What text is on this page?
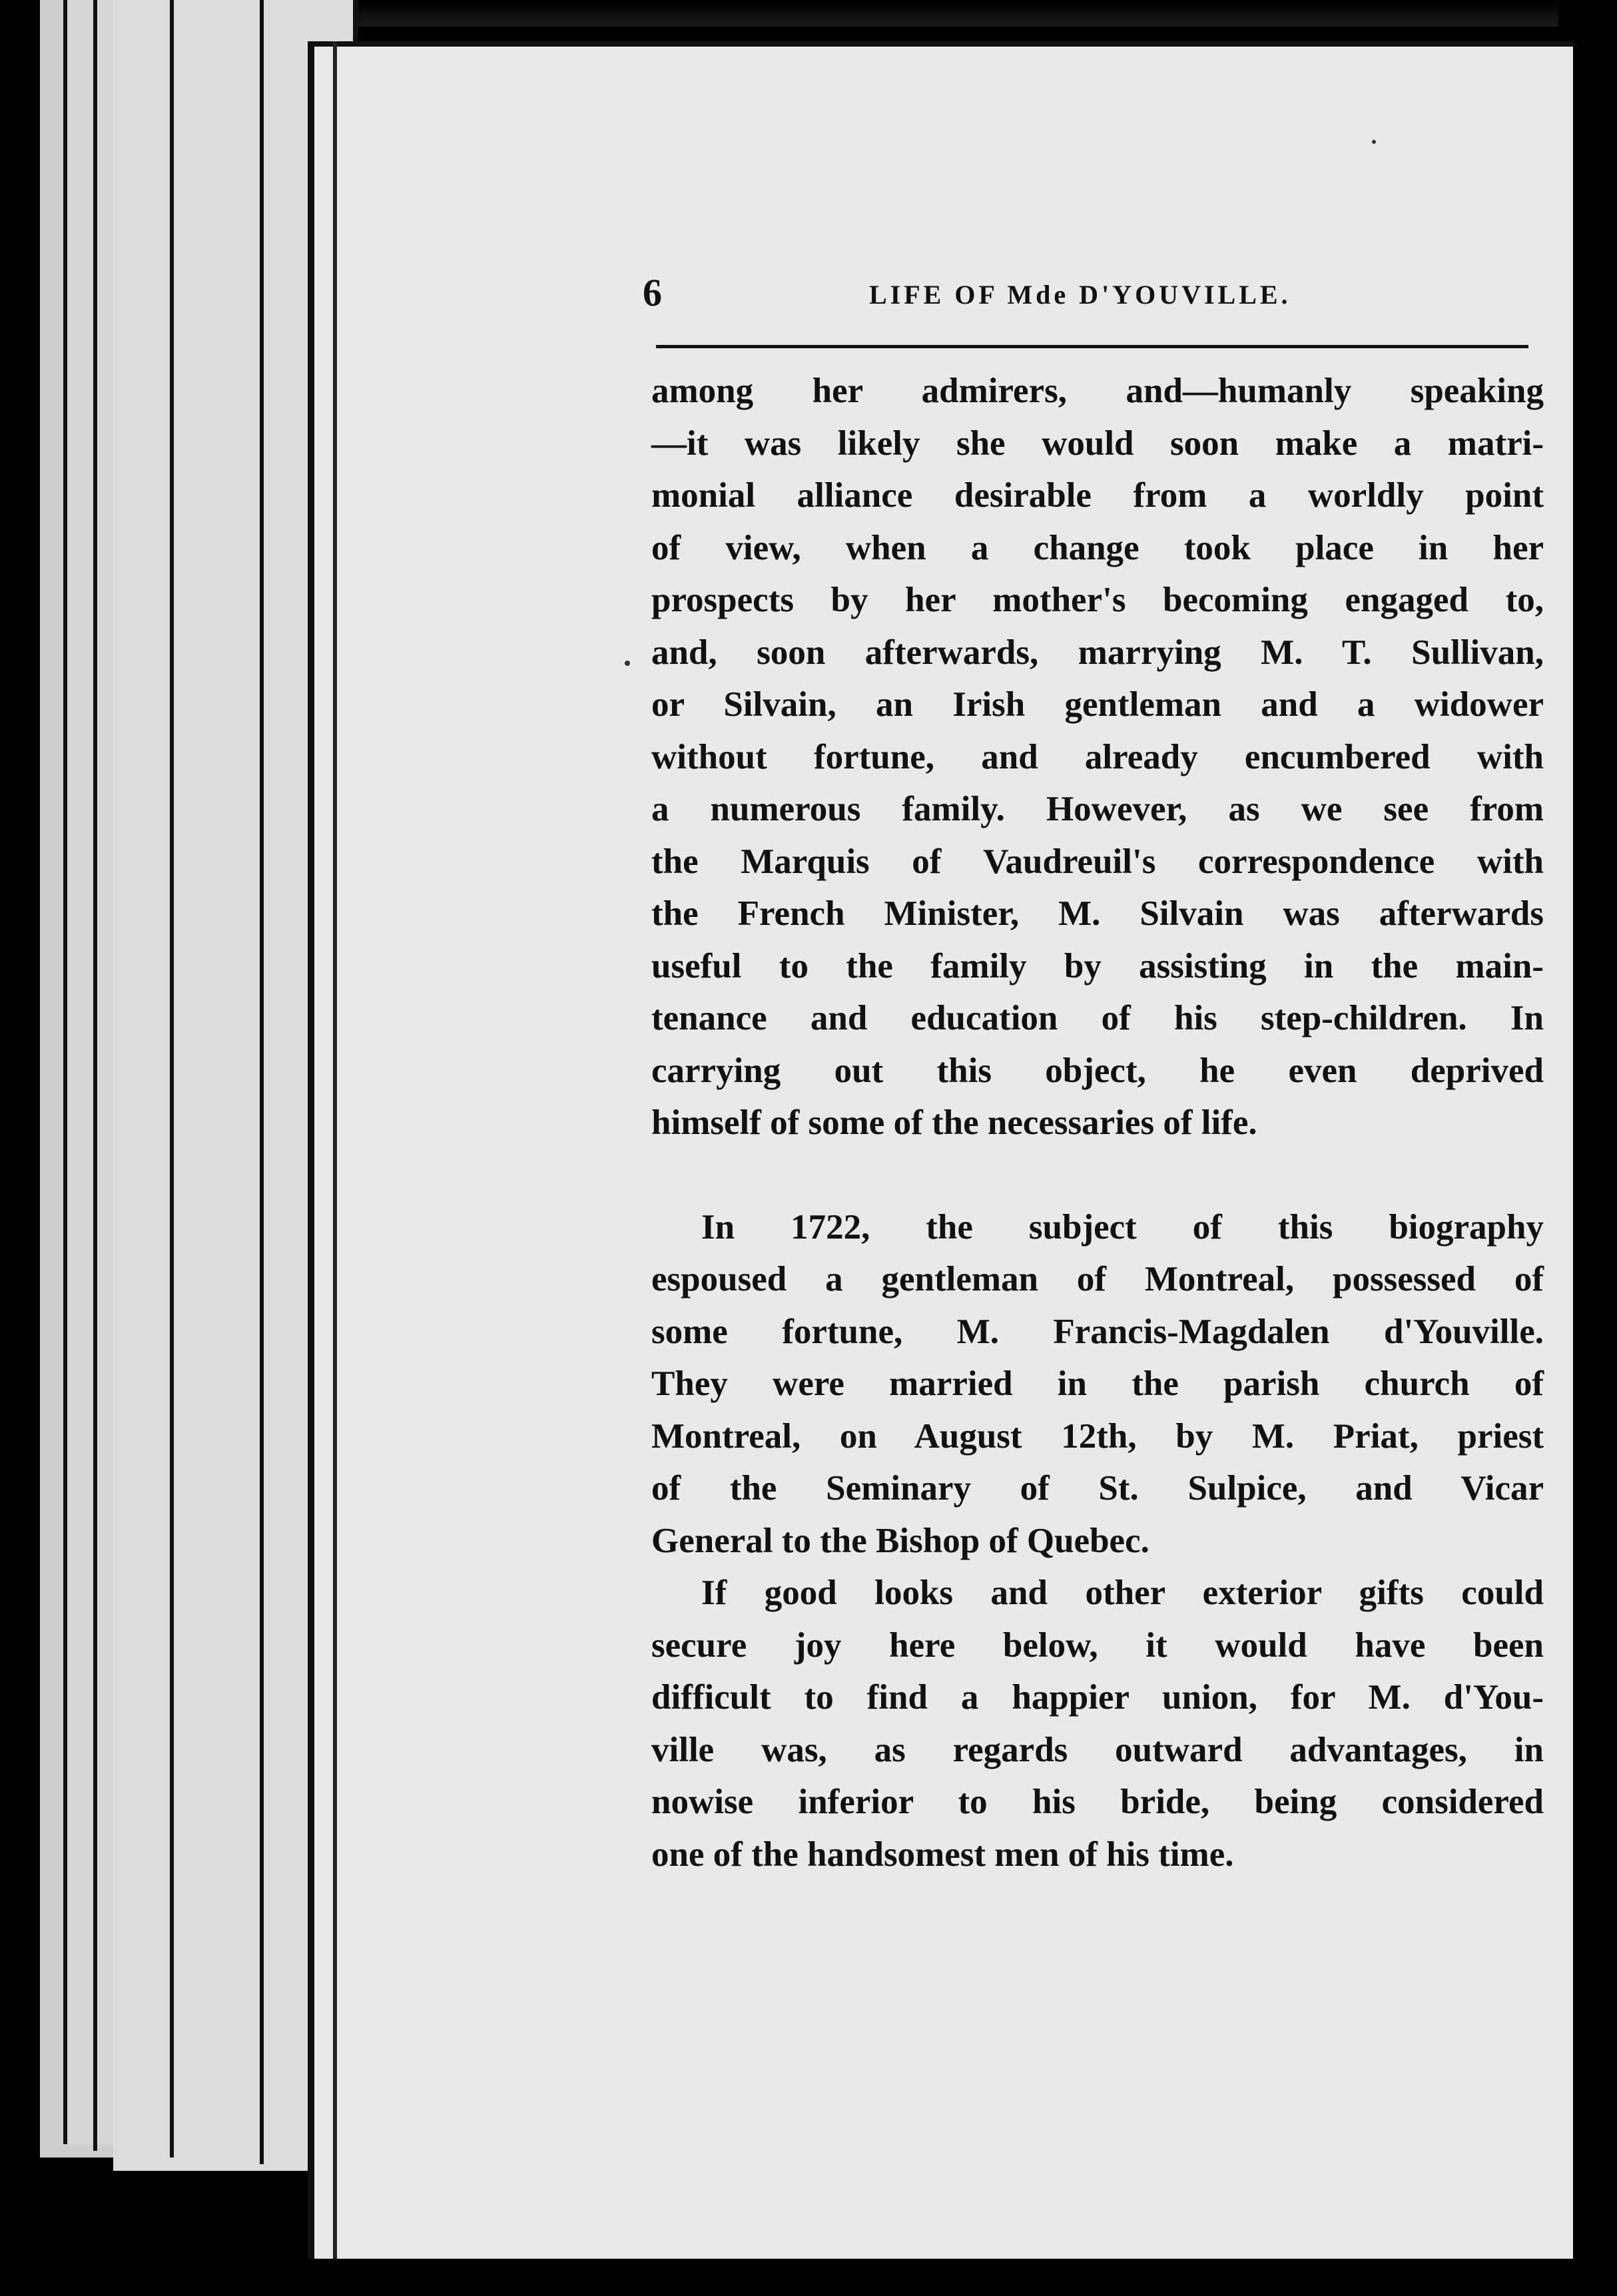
6	LIFE OF Mde D'YOUVILLE.

among her admirers, and—humanly speaking
—it was likely she would soon make a matri-
monial alliance desirable from a worldly point
of view, when a change took place in her
prospects by her mother's becoming engaged to,
and, soon afterwards, marrying M. T. Sullivan,
or Silvain, an Irish gentleman and a widower
without fortune, and already encumbered with
a numerous family. However, as we see from
the Marquis of Vaudreuil's correspondence with
the French Minister, M. Silvain was afterwards
useful to the family by assisting in the main-
tenance and education of his step-children. In
carrying out this object, he even deprived
himself of some of the necessaries of life.

In 1722, the subject of this biography
espoused a gentleman of Montreal, possessed of
some fortune, M. Francis-Magdalen d'Youville.
They were married in the parish church of
Montreal, on August 12th, by M. Priat, priest
of the Seminary of St. Sulpice, and Vicar
General to the Bishop of Quebec.

If good looks and other exterior gifts could
secure joy here below, it would have been
difficult to find a happier union, for M. d'You-
ville was, as regards outward advantages, in
nowise inferior to his bride, being considered
one of the handsomest men of his time.
